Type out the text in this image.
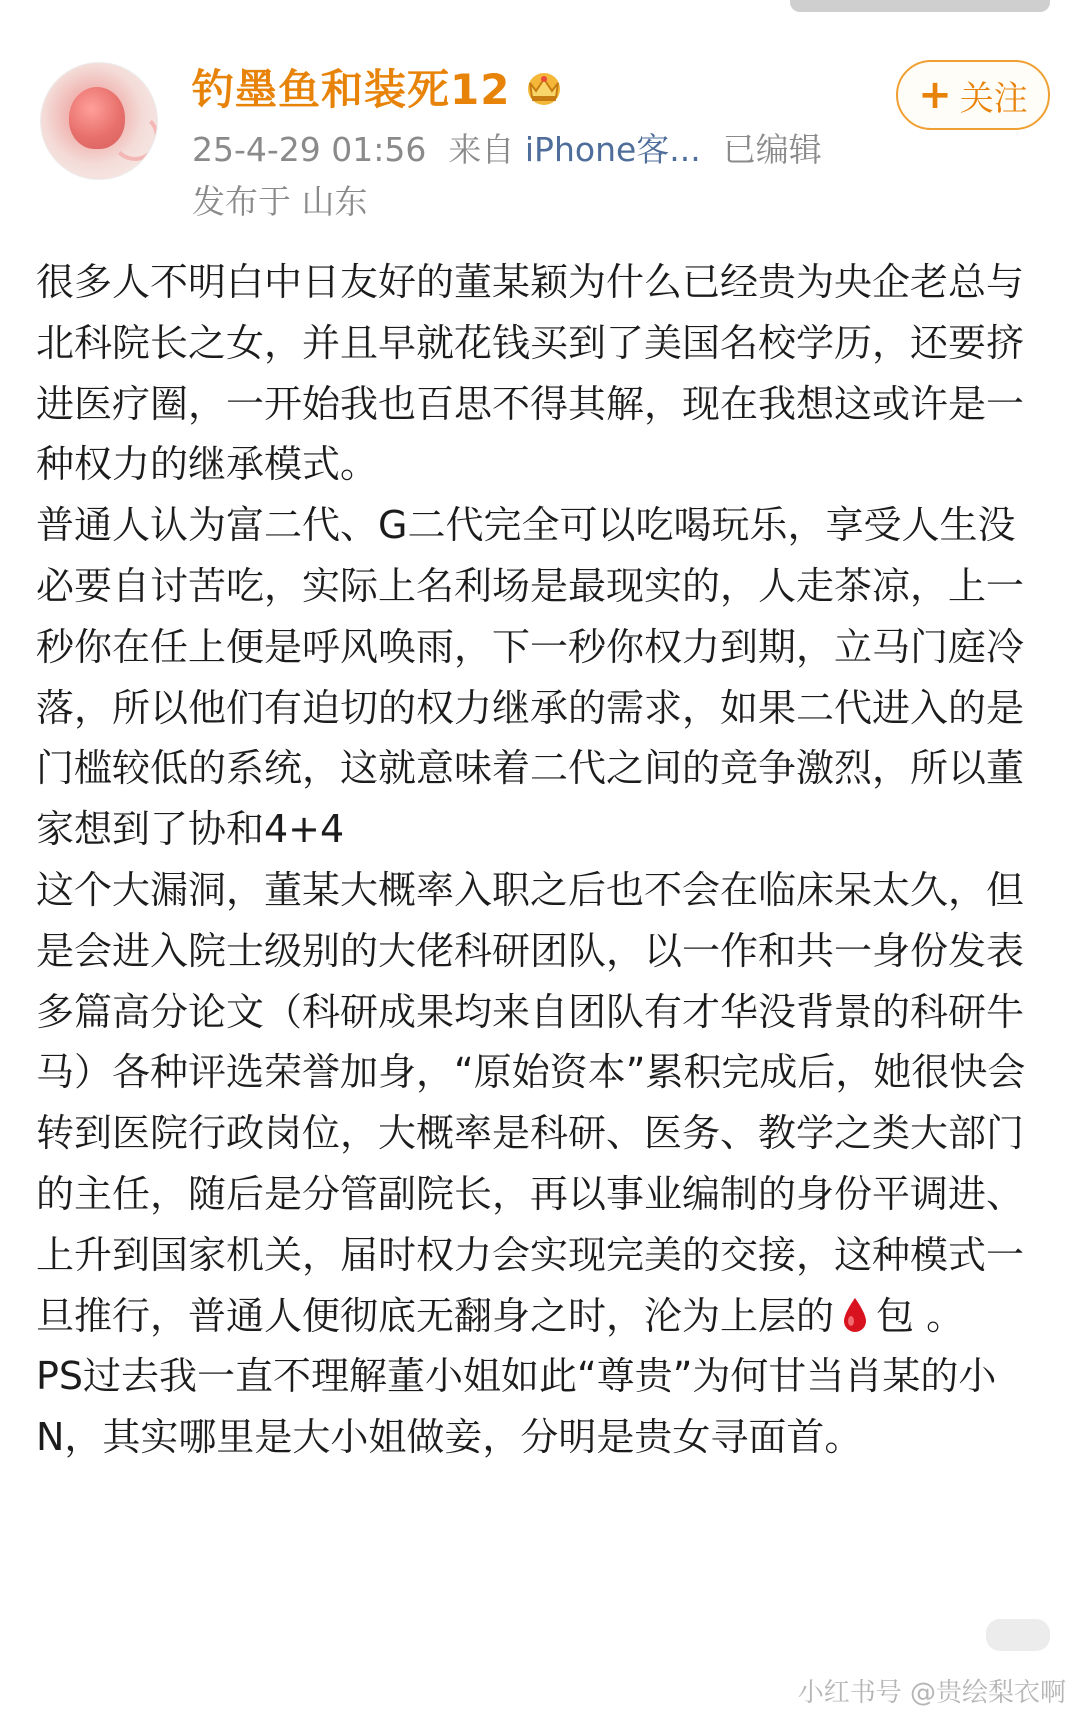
钓墨鱼和装死12
25-4-29 01:56 来自 iPhone客... 已编辑
发布于 山东
+ 关注

很多人不明白中日友好的董某颖为什么已经贵为央企老总与北科院长之女，并且早就花钱买到了美国名校学历，还要挤进医疗圈，一开始我也百思不得其解，现在我想这或许是一种权力的继承模式。

普通人认为富二代、G二代完全可以吃喝玩乐，享受人生没必要自讨苦吃，实际上名利场是最现实的，人走茶凉，上一秒你在任上便是呼风唤雨，下一秒你权力到期，立马门庭冷落，所以他们有迫切的权力继承的需求，如果二代进入的是门槛较低的系统，这就意味着二代之间的竞争激烈，所以董家想到了协和4+4

这个大漏洞，董某大概率入职之后也不会在临床呆太久，但是会进入院士级别的大佬科研团队，以一作和共一身份发表多篇高分论文（科研成果均来自团队有才华没背景的科研牛马）各种评选荣誉加身，“原始资本”累积完成后，她很快会转到医院行政岗位，大概率是科研、医务、教学之类大部门的主任，随后是分管副院长，再以事业编制的身份平调进、上升到国家机关，届时权力会实现完美的交接，这种模式一旦推行，普通人便彻底无翻身之时，沦为上层的 包 。

PS过去我一直不理解董小姐如此“尊贵”为何甘当肖某的小N，其实哪里是大小姐做妾，分明是贵女寻面首。

小红书号 @贵绘梨衣啊
